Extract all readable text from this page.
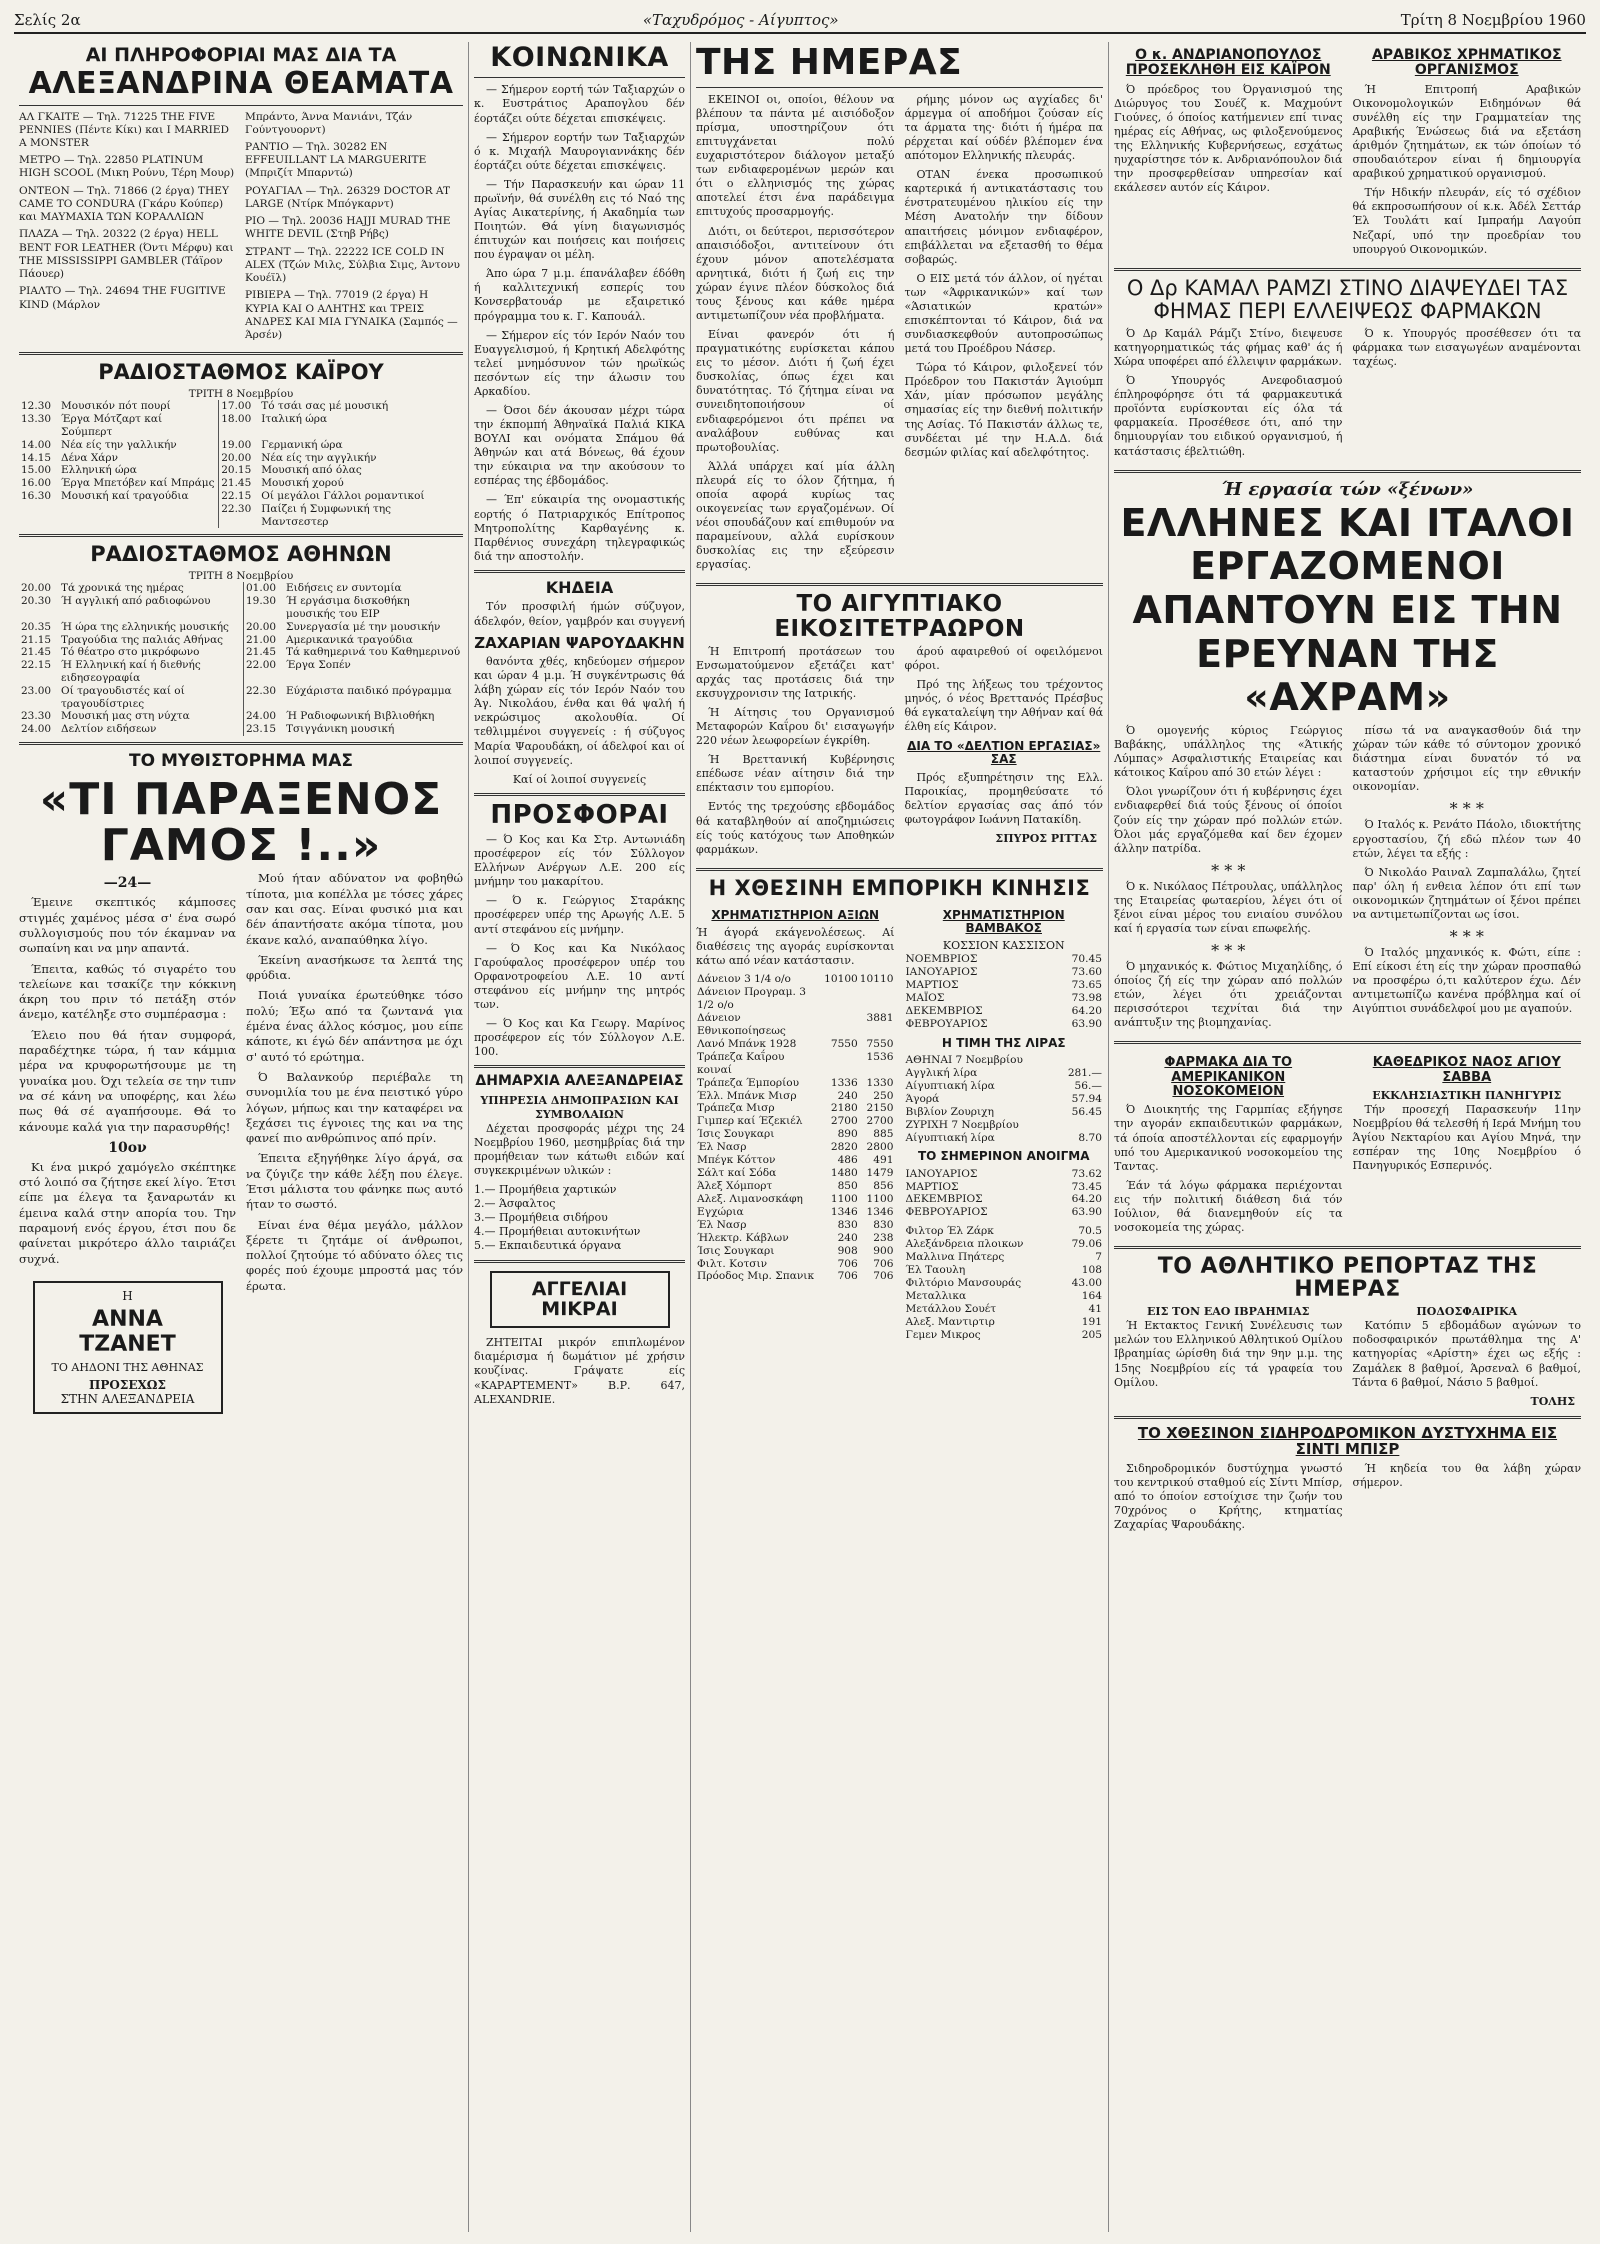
Σελίς 2α	«Ταχυδρόμος - Αίγυπτος»	Τρίτη 8 Νοεμβρίου 1960
ΑΙ ΠΛΗΡΟΦΟΡΙΑΙ ΜΑΣ ΔΙΑ ΤΑ
ΑΛΕΞΑΝΔΡΙΝΑ ΘΕΑΜΑΤΑ
ΑΛ ΓΚΑΙΤΕ — Τηλ. 71225 THE FIVE PENNIES (Πέντε Κίκι) και I MARRIED A MONSTER
ΜΕΤΡΟ — Τηλ. 22850 PLATINUM HIGH SCOOL (Μικη Ρούνυ, Τέρη Μουρ)
ΟΝΤΕΟΝ — Τηλ. 71866 (2 έργα) THEY CAME TO CONDURA (Γκάρυ Κούπερ) και MAYMAXIA ΤΩΝ ΚΟΡΑΛΛΙΩΝ
ΠΛΑΖΑ — Τηλ. 20322 (2 έργα) HELL BENT FOR LEATHER (Όντι Μέρφυ) και THE MISSISSIPPI GAMBLER (Τάϊρον Πάουερ)
ΡΙΑΛΤΟ — Τηλ. 24694 THE FUGITIVE KIND (Μάρλον
Μπράντο, Άννα Μανιάνι, Τζάν Γούντγουορντ)
ΡΑΝΤΙΟ — Τηλ. 30282 EN EFFEUILLANT LA MARGUERITE (Μπριζίτ Μπαρντώ)
ΡΟΥΑΓΙΑΛ — Τηλ. 26329 DOCTOR AT LARGE (Ντίρκ Μπόγκαρντ)
ΡΙΟ — Τηλ. 20036 HAJJI MURAD THE WHITE DEVIL (Στηβ Ρήβς)
ΣΤΡΑΝΤ — Τηλ. 22222 ICE COLD IN ALEX (Τζών Μιλς, Σύλβια Σιμς, Άντονυ Κουέϊλ)
ΡΙΒΙΕΡΑ — Τηλ. 77019 (2 έργα) Η ΚΥΡΙΑ ΚΑΙ Ο ΑΛΗΤΗΣ και ΤΡΕΙΣ ΑΝΔΡΕΣ ΚΑΙ ΜΙΑ ΓΥΝΑΙΚΑ (Σαμπός — Άρσέν)
ΡΑΔΙΟΣΤΑΘΜΟΣ ΚΑΪΡΟΥ
ΤΡΙΤΗ 8 Νοεμβρίου
12.30	Μουσικόν πότ πουρί	17.00	Τό τσάι σας μέ μουσική
13.30	Έργα Μότζαρτ καί Σούμπερτ	18.00	Ιταλική ώρα
14.00	Νέα είς την γαλλικήν	19.00	Γερμανική ώρα
14.15	Δένα Χάρν	20.00	Νέα είς την αγγλικήν
15.00	Ελληνική ώρα	20.15	Μουσική από όλας
16.00	Έργα Μπετόβεν καί Μπράμς	21.45	Μουσική χορού
16.30	Μουσική καί τραγούδια	22.15	Οί μεγάλοι Γάλλοι ρομαντικοί
		22.30	Παίζει ή Συμφωνική της Μαντσεστερ
ΡΑΔΙΟΣΤΑΘΜΟΣ ΑΘΗΝΩΝ
ΤΡΙΤΗ 8 Νοεμβρίου
20.00	Τά χρονικά της ημέρας	01.00	Ειδήσεις εν συντομία
20.30	Ή αγγλική από ραδιοφώνου	19.30	Ή εργάσιμα δισκοθήκη μουσικής του ΕΙΡ
20.35	Ή ώρα της ελληνικής μουσικής	20.00	Συνεργασία μέ την μουσικήν
21.15	Τραγούδια της παλιάς Αθήνας	21.00	Αμερικανικά τραγούδια
21.45	Τό θέατρο στο μικρόφωνο	21.45	Τά καθημερινά του Καθημερινού
22.15	Ή Ελληνική καί ή διεθνής ειδησεογραφία	22.00	Έργα Σοπέν
23.00	Οί τραγουδιστές καί οί τραγουδίστριες	22.30	Εύχάριστα παιδικό πρόγραμμα
23.30	Μουσική μας στη νύχτα	24.00	Ή Ραδιοφωνική Βιβλιοθήκη
24.00	Δελτίον ειδήσεων	23.15	Τσιγγάνικη μουσική
ΤΟ ΜΥΘΙΣΤΟΡΗΜΑ ΜΑΣ
«ΤΙ ΠΑΡΑΞΕΝΟΣ ΓΑΜΟΣ !..»
—24—

Έμεινε σκεπτικός κάμποσες στιγμές χαμένος μέσα σ' ένα σωρό συλλογισμούς που τόν έκαμναν να σωπαίνη και να μην απαντά.

Έπειτα, καθώς τό σιγαρέτο του τελείωνε και τσακίζε την κόκκινη άκρη του πριν τό πετάξη στόν άνεμο, κατέληξε στο συμπέρασμα :

Έλειο που θά ήταν συμφορά, παραδέχτηκε τώρα, ή ταν κάμμια μέρα να κρυφορωτήσουμε με τη γυναίκα μου. Όχι τελεία σε την τιπν να σέ κάνη να υποφέρης, και λέω πως θά σέ αγαπήσουμε. Θά το κάνουμε καλά για την παρασυρθής!

10ον

Κι ένα μικρό χαμόγελο σκέπτηκε στό λοιπό σα ζήτησε εκεί λίγο. Έτσι είπε μα έλεγα τα ξαναρωτάν κι έμεινα καλά στην απορία του. Την παραμονή ενός έργου, έτσι που δε φαίνεται μικρότερο άλλο ταιριάζει συχνά.

Η
ΑΝΝΑ ΤΖΑΝΕΤ
ΤΟ ΑΗΔΟΝΙ ΤΗΣ ΑΘΗΝΑΣ
ΠΡΟΣΕΧΩΣ
ΣΤΗΝ ΑΛΕΞΑΝΔΡΕΙΑ

Μού ήταν αδύνατον να φοβηθώ τίποτα, μια κοπέλλα με τόσες χάρες σαν και σας. Είναι φυσικό μια και δέν άπαντήσατε ακόμα τίποτα, μου έκανε καλό, αναπαύθηκα λίγο.

Έκείνη ανασήκωσε τα λεπτά της φρύδια.

Ποιά γυναίκα έρωτεύθηκε τόσο πολύ; Έξω από τα ζωντανά για έμένα ένας άλλος κόσμος, μου είπε κάποτε, κι έγώ δέν απάντησα με όχι σ' αυτό τό ερώτημα.

Ό Βαλανκούρ περιέβαλε τη συνομιλία του με ένα πειστικό γύρο λόγων, μήπως και την καταφέρει να ξεχάσει τις έγνοιες της και να της φανεί πιο ανθρώπινος από πρίν.

Έπειτα εξηγήθηκε λίγο άργά, σα να ζύγιζε την κάθε λέξη που έλεγε. Έτσι μάλιστα του φάνηκε πως αυτό ήταν το σωστό.

Είναι ένα θέμα μεγάλο, μάλλον ξέρετε τι ζητάμε οί άνθρωποι, πολλοί ζητούμε τό αδύνατο όλες τις φορές πού έχουμε μπροστά μας τόν έρωτα.

ΚΟΙΝΩΝΙΚΑ

— Σήμερον εορτή τών Ταξιαρχών ο κ. Ευστράτιος Αραπογλου δέν έορτάζει ούτε δέχεται επισκέψεις.

— Σήμερον εορτήν των Ταξιαρχών ό κ. Μιχαήλ Μαυρογιαννάκης δέν έορτάζει ούτε δέχεται επισκέψεις.

— Τήν Παρασκευήν και ώραν 11 πρωϊνήν, θά συνέλθη εις τό Ναό της Αγίας Αικατερίνης, ή Ακαδημία των Ποιητών. Θά γίνη διαγωνισμός έπιτυχών και ποιήσεις και ποιήσεις που έγραψαν οι μέλη.

Άπο ώρα 7 μ.μ. έπανάλαβεν έδόθη ή καλλιτεχνική εσπερίς του Κονσερβατουάρ με εξαιρετικό πρόγραμμα του κ. Γ. Καπουάλ.

— Σήμερον είς τόν Ιερόν Ναόν του Ευαγγελισμού, ή Κρητική Αδελφότης τελεί μνημόσυνον τών ηρωϊκώς πεσόντων είς την άλωσιν του Αρκαδίου.

— Όσοι δέν άκουσαν μέχρι τώρα την έκπομπή Άθηναϊκά Παλιά ΚΙΚΑ ΒΟΥΛΙ και ονόματα Σπάμου θά Άθηνών και ατά Βόνεως, θά έχουν την εύκαιρια να την ακούσουν το εσπέρας της έβδομάδος.

— Έπ' εύκαιρία της ονομαστικής εορτής ό Πατριαρχικός Επίτροπος Μητροπολίτης Καρθαγένης κ. Παρθένιος συνεχάρη τηλεγραφικώς διά την αποστολήν.

ΚΗΔΕΙΑ

Τόν προσφιλή ήμών σύζυγον, άδελφόν, θείον, γαμβρόν και συγγενή

ΖΑΧΑΡΙΑΝ ΨΑΡΟΥΔΑΚΗΝ

θανόντα χθές, κηδεύομεν σήμερον και ώραν 4 μ.μ. Ή συγκέντρωσις θά λάβη χώραν είς τόν Ιερόν Ναόν του Άγ. Νικολάου, ένθα και θά ψαλή ή νεκρώσιμος ακολουθία. Οί τεθλιμμένοι συγγενείς : ή σύζυγος Μαρία Ψαρουδάκη, οί άδελφοί και οί λοιποί συγγενείς.

Καί οί λοιποί συγγενείς
ΠΡΟΣΦΟΡΑΙ

— Ό Κος και Κα Στρ. Αντωνιάδη προσέφερον είς τόν Σύλλογον Ελλήνων Ανέργων Λ.Ε. 200 είς μνήμην του μακαρίτου.

— Ό κ. Γεώργιος Σταράκης προσέφερεν υπέρ της Αρωγής Λ.Ε. 5 αντί στεφάνου είς μνήμην.

— Ό Κος και Κα Νικόλαος Γαρούφαλος προσέφερον υπέρ του Ορφανοτροφείου Λ.Ε. 10 αντί στεφάνου είς μνήμην της μητρός των.

— Ό Κος και Κα Γεωργ. Μαρίνος προσέφερον είς τόν Σύλλογον Λ.Ε. 100.

ΔΗΜΑΡΧΙΑ ΑΛΕΞΑΝΔΡΕΙΑΣ
ΥΠΗΡΕΣΙΑ ΔΗΜΟΠΡΑΣΙΩΝ ΚΑΙ ΣΥΜΒΟΛΑΙΩΝ

Δέχεται προσφοράς μέχρι της 24 Νοεμβρίου 1960, μεσημβρίας διά την προμήθειαν των κάτωθι ειδών καί συγκεκριμένων υλικών :

1.— Προμήθεια χαρτικών
2.— Άσφαλτος
3.— Προμήθεια σιδήρου
4.— Προμήθειαι αυτοκινήτων
5.— Εκπαιδευτικά όργανα
ΑΓΓΕΛΙΑΙ ΜΙΚΡΑΙ

ΖΗΤΕΙΤΑΙ μικρόν επιπλωμένον διαμέρισμα ή δωμάτιον μέ χρήσιν κουζίνας. Γράψατε είς «ΚΑΡΑΡΤΕΜΕΝΤ» Β.Ρ. 647, ALEXANDRIE.

ΤΗΣ ΗΜΕΡΑΣ

ΕΚΕΙΝΟΙ οι, οποίοι, θέλουν να βλέπουν τα πάντα μέ αισιόδοξον πρίσμα, υποστηρίζουν ότι επιτυγχάνεται πολύ ευχαριστότερον διάλογον μεταξύ των ενδιαφερομένων μερών και ότι ο ελληνισμός της χώρας αποτελεί έτσι ένα παράδειγμα επιτυχούς προσαρμογής.

Διότι, οι δεύτεροι, περισσότερον απαισιόδοξοι, αντιτείνουν ότι έχουν μόνον αποτελέσματα αρνητικά, διότι ή ζωή εις την χώραν έγινε πλέον δύσκολος διά τους ξένους και κάθε ημέρα αντιμετωπίζουν νέα προβλήματα.

Είναι φανερόν ότι ή πραγματικότης ευρίσκεται κάπου εις το μέσον. Διότι ή ζωή έχει δυσκολίας, όπως έχει και δυνατότητας. Τό ζήτημα είναι να συνειδητοποιήσουν οί ενδιαφερόμενοι ότι πρέπει να αναλάβουν ευθύνας και πρωτοβουλίας.

Άλλά υπάρχει καί μία άλλη πλευρά είς το όλον ζήτημα, ή οποία αφορά κυρίως τας οικογενείας των εργαζομένων. Οί νέοι σπουδάζουν καί επιθυμούν να παραμείνουν, αλλά ευρίσκουν δυσκολίας εις την εξεύρεσιν εργασίας.

ρήμης μόνον ως αγχίαδες δι' άρμεγμα οί αποδήμοι ζούσαν είς τα άρματα της· διότι ή ήμέρα πα ρέρχεται καί ούδέν βλέπομεν ένα απότομον Ελληνικής πλευράς.

ΟΤΑΝ ένεκα προσωπικού καρτερικά ή αντικατάστασις του ένστρατευμένου ηλικίου είς την Μέση Ανατολήν την δίδουν απαιτήσεις μόνιμον ενδιαφέρον, επιβάλλεται να εξετασθή το θέμα σοβαρώς.

Ο ΕΙΣ μετά τόν άλλον, οί ηγέται των «Άφρικανικών» καί των «Άσιατικών κρατών» επισκέπτονται τό Κάιρον, διά να συνδιασκεφθούν αυτοπροσώπως μετά του Προέδρου Νάσερ.

Τώρα τό Κάιρον, φιλοξενεί τόν Πρόεδρον του Πακιστάν Άγιούμπ Χάν, μίαν πρόσωπον μεγάλης σημασίας είς την διεθνή πολιτικήν της Ασίας. Τό Πακιστάν άλλως τε, συνδέεται μέ την Η.Α.Δ. διά δεσμών φιλίας καί αδελφότητος.

ΤΟ ΑΙΓΥΠΤΙΑΚΟ ΕΙΚΟΣΙΤΕΤΡΑΩΡΟΝ

Ή Επιτροπή προτάσεων του Ενσωματούμενον εξετάζει κατ' αρχάς τας προτάσεις διά την εκσυγχρονισιν της Ιατρικής.

Ή Αίτησις του Οργανισμού Μεταφορών Καΐρου δι' εισαγωγήν 220 νέων λεωφορείων έγκρίθη.

Ή Βρεττανική Κυβέρνησις επέδωσε νέαν αίτησιν διά την επέκτασιν του εμπορίου.

Εντός της τρεχούσης εβδομάδος θά καταβληθούν αί αποζημιώσεις είς τούς κατόχους των Αποθηκών φαρμάκων.

άρού αφαιρεθού οί οφειλόμενοι φόροι.

Πρό της λήξεως του τρέχοντος μηνός, ό νέος Βρεττανός Πρέσβυς θά εγκαταλείψη την Αθήναν καί θά έλθη είς Κάιρον.

ΔΙΑ ΤΟ «ΔΕΛΤΙΟΝ ΕΡΓΑΣΙΑΣ» ΣΑΣ

Πρός εξυπηρέτησιν της Ελλ. Παροικίας, προμηθεύσατε τό δελτίον εργασίας σας άπό τόν φωτογράφον Ιωάννη Πατακίδη.

ΣΠΥΡΟΣ ΡΙΤΤΑΣ
Η ΧΘΕΣΙΝΗ ΕΜΠΟΡΙΚΗ ΚΙΝΗΣΙΣ
ΧΡΗΜΑΤΙΣΤΗΡΙΟΝ ΑΞΙΩΝ

Ή άγορά εκάγενολέσεως. Αί διαθέσεις της αγοράς ευρίσκονται κάτω από νέαν κατάστασιν.

Δάνειον 3 1/4 ο/ο	10100	10110
Δάνειον Προγραμ. 3 1/2 ο/ο		
Δάνειον Εθνικοποίησεως		3881
Λανό Μπάνκ 1928	7550	7550
Τράπεζα Καΐρου κοιναί		1536
Τράπεζα Έμπορίου	1336	1330
Έλλ. Μπάνκ Μισρ	240	250
Τράπεζα Μισρ	2180	2150
Γιμπερ καί Έζεκιέλ	2700	2700
Ίσις Σουγκαρι	890	885
Έλ Νασρ	2820	2800
Μπέγκ Κόττον	486	491
Σάλτ καί Σόδα	1480	1479
Άλεξ Χόμπορτ	850	856
Αλεξ. Λιμανοσκάφη	1100	1100
Εγχώρια	1346	1346
Έλ Νασρ	830	830
Ήλεκτρ. Κάβλων	240	238
Ίσις Σουγκαρι	908	900
Φιλτ. Κοτσιν	706	706
Πρόοδος Μιρ. Σπανικ	706	706
ΧΡΗΜΑΤΙΣΤΗΡΙΟΝ ΒΑΜΒΑΚΟΣ
ΚΟΣΣΙΟΝ ΚΑΣΣΙΣΟΝ
ΝΟΕΜΒΡΙΟΣ	70.45
ΙΑΝΟΥΑΡΙΟΣ	73.60
ΜΑΡΤΙΟΣ	73.65
ΜΑΪΟΣ	73.98
ΔΕΚΕΜΒΡΙΟΣ	64.20
ΦΕΒΡΟΥΑΡΙΟΣ	63.90
Η ΤΙΜΗ ΤΗΣ ΛΙΡΑΣ
ΑΘΗΝΑΙ 7 Νοεμβρίου	
Αγγλική λίρα	281.—
Αίγυπτιακή λίρα	56.—
Άγορά	57.94
Βιβλίον Ζουριχη	56.45
ΖΥΡΙΧΗ 7 Νοεμβρίου	
Αίγυπτιακή λίρα	8.70
ΤΟ ΣΗΜΕΡΙΝΟΝ ΑΝΟΙΓΜΑ
ΙΑΝΟΥΑΡΙΟΣ	73.62
ΜΑΡΤΙΟΣ	73.45
ΔΕΚΕΜΒΡΙΟΣ	64.20
ΦΕΒΡΟΥΑΡΙΟΣ	63.90
Φιλτορ Έλ Ζάρκ	70.5
Αλεξάνδρεια πλοικων	79.06
Μαλλινα Πηάτερς	7
Έλ Ταουλη	108
Φιλτόριο Μανσουράς	43.00
Μεταλλικα	164
Μετάλλου Σουέτ	41
Αλεξ. Μαντιρτιρ	191
Γεμεν Μικρος	205
Ο κ. ΑΝΔΡΙΑΝΟΠΟΥΛΟΣ ΠΡΟΣΕΚΛΗΘΗ ΕΙΣ ΚΑΪΡΟΝ

Ό πρόεδρος του Όργανισμού της Διώρυγος του Σουέζ κ. Μαχμούντ Γιούνες, ό όποίος κατήμενιεν επί τινας ημέρας είς Αθήνας, ως φιλοξενούμενος της Ελληνικής Κυβερνήσεως, εσχάτως ηυχαρίστησε τόν κ. Ανδριανόπουλον διά την προσφερθείσαν υπηρεσίαν καί εκάλεσεν αυτόν είς Κάιρον.

ΑΡΑΒΙΚΟΣ ΧΡΗΜΑΤΙΚΟΣ ΟΡΓΑΝΙΣΜΟΣ

Ή Επιτροπή Αραβικών Οικονομολογικών Ειδημόνων θά συνέλθη είς την Γραμματείαν της Αραβικής Ένώσεως διά να εξετάση άριθμόν ζητημάτων, εκ τών όποίων τό σπουδαιότερον είναι ή δημιουργία αραβικού χρηματικού οργανισμού.

Τήν Ηδικήν πλευράν, είς τό σχέδιον θά εκπροσωπήσουν οί κ.κ. Άδέλ Σεττάρ Έλ Τουλάτι καί Ιμπραήμ Λαγούπ Νεζαρί, υπό την προεδρίαν του υπουργού Οικονομικών.

Ο Δρ ΚΑΜΑΛ ΡΑΜΖΙ ΣΤΙΝΟ ΔΙΑΨΕΥΔΕΙ ΤΑΣ ΦΗΜΑΣ ΠΕΡΙ ΕΛΛΕΙΨΕΩΣ ΦΑΡΜΑΚΩΝ

Ό Δρ Καμάλ Ράμζι Στίνο, διεψευσε κατηγορηματικώς τάς φήμας καθ' άς ή Χώρα υποφέρει από έλλειψιν φαρμάκων.

Ό Υπουργός Ανεφοδιασμού έπληροφόρησε ότι τά φαρμακευτικά προϊόντα ευρίσκονται είς όλα τά φαρμακεία. Προσέθεσε ότι, από την δημιουργίαν του ειδικού οργανισμού, ή κατάστασις έβελτιώθη.

Ό κ. Υπουργός προσέθεσεν ότι τα φάρμακα των εισαγωγέων αναμένονται ταχέως.

Ή εργασία τών «ξένων»
ΕΛΛΗΝΕΣ ΚΑΙ ΙΤΑΛΟΙ ΕΡΓΑΖΟΜΕΝΟΙ ΑΠΑΝΤΟΥΝ ΕΙΣ ΤΗΝ ΕΡΕΥΝΑΝ ΤΗΣ «ΑΧΡΑΜ»

Ό ομογενής κύριος Γεώργιος Βαβάκης, υπάλληλος της «Άτικής Λύμπας» Ασφαλιστικής Εταιρείας και κάτοικος Καΐρου από 30 ετών λέγει :

Όλοι γνωρίζουν ότι ή κυβέρνησις έχει ενδιαφερθεί διά τούς ξένους οί όποίοι ζούν είς την χώραν πρό πολλών ετών. Όλοι μάς εργαζόμεθα καί δεν έχομεν άλλην πατρίδα.

* * *

Ό κ. Νικόλαος Πέτρουλας, υπάλληλος της Εταιρείας φωταερίου, λέγει ότι οί ξένοι είναι μέρος του ενιαίου συνόλου καί ή εργασία των είναι επωφελής.

* * *

Ό μηχανικός κ. Φώτιος Μιχαηλίδης, ό όποίος ζή είς την χώραν από πολλών ετών, λέγει ότι χρειάζονται περισσότεροι τεχνίται διά την ανάπτυξιν της βιομηχανίας.

πίσω τά να αναγκασθούν διά την χώραν τών κάθε τό σύντομον χρονικό διάστημα είναι δυνατόν τό να καταστούν χρήσιμοι είς την εθνικήν οικονομίαν.

* * *

Ό Ιταλός κ. Ρενάτο Πάολο, ιδιοκτήτης εργοστασίου, ζή εδώ πλέον των 40 ετών, λέγει τα εξής :

Ό Νικολάο Ραιναλ Ζαμπαλάλω, ζητεί παρ' όλη ή ενθεια λέπον ότι επί των οικονομικών ζητημάτων οί ξένοι πρέπει να αντιμετωπίζονται ως ίσοι.

* * *

Ό Ιταλός μηχανικός κ. Φώτι, είπε : Επί είκοσι έτη είς την χώραν προσπαθώ να προσφέρω ό,τι καλύτερον έχω. Δέν αντιμετωπίζω κανένα πρόβλημα καί οί Αιγύπτιοι συνάδελφοί μου με αγαπούν.

ΦΑΡΜΑΚΑ ΔΙΑ ΤΟ ΑΜΕΡΙΚΑΝΙΚΟΝ ΝΟΣΟΚΟΜΕΙΟΝ

Ό Διοικητής της Γαρμπίας εξήγησε την αγοράν εκπαιδευτικών φαρμάκων, τά όποία αποστέλλονται είς εφαρμογήν υπό του Αμερικανικού νοσοκομείου της Ταντας.

Έάν τά λόγω φάρμακα περιέχονται εις τήν πολιτική διάθεση διά τόν Ιούλιον, θά διανεμηθούν είς τα νοσοκομεία της χώρας.

ΚΑΘΕΔΡΙΚΟΣ ΝΑΟΣ ΑΓΙΟΥ ΣΑΒΒΑ
ΕΚΚΛΗΣΙΑΣΤΙΚΗ ΠΑΝΗΓΥΡΙΣ

Τήν προσεχή Παρασκευήν 11ην Νοεμβρίου θά τελεσθή ή Ιερά Μνήμη του Άγίου Νεκταρίου και Αγίου Μηνά, την εσπέραν της 10ης Νοεμβρίου ό Πανηγυρικός Εσπερινός.

ΤΟ ΑΘΛΗΤΙΚΟ ΡΕΠΟΡΤΑΖ ΤΗΣ ΗΜΕΡΑΣ
ΕΙΣ ΤΟΝ ΕΑΟ ΙΒΡΑΗΜΙΑΣ

Ή Εκτακτος Γενική Συνέλευσις των μελών του Ελληνικού Αθλητικού Ομίλου Ιβραημίας ώρίσθη διά την 9ην μ.μ. της 15ης Νοεμβρίου είς τά γραφεία του Ομίλου.

ΠΟΔΟΣΦΑΙΡΙΚΑ

Κατόπιν 5 εβδομάδων αγώνων το ποδοσφαιρικόν πρωτάθλημα της Α' κατηγορίας «Αρίστη» έχει ως εξής : Ζαμάλεκ 8 βαθμοί, Άρσεναλ 6 βαθμοί, Τάντα 6 βαθμοί, Νάσιο 5 βαθμοί.

ΤΟΛΗΣ
ΤΟ ΧΘΕΣΙΝΟΝ ΣΙΔΗΡΟΔΡΟΜΙΚΟΝ ΔΥΣΤΥΧΗΜΑ ΕΙΣ ΣΙΝΤΙ ΜΠΙΣΡ

Σιδηροδρομικόν δυστύχημα γνωστό του κεντρικού σταθμού είς Σίντι Μπίσρ, από το όποίον εστοίχισε την ζωήν του 70χρόνος ο Κρήτης, κτηματίας Ζαχαρίας Ψαρουδάκης.

Ή κηδεία του θα λάβη χώραν σήμερον.
